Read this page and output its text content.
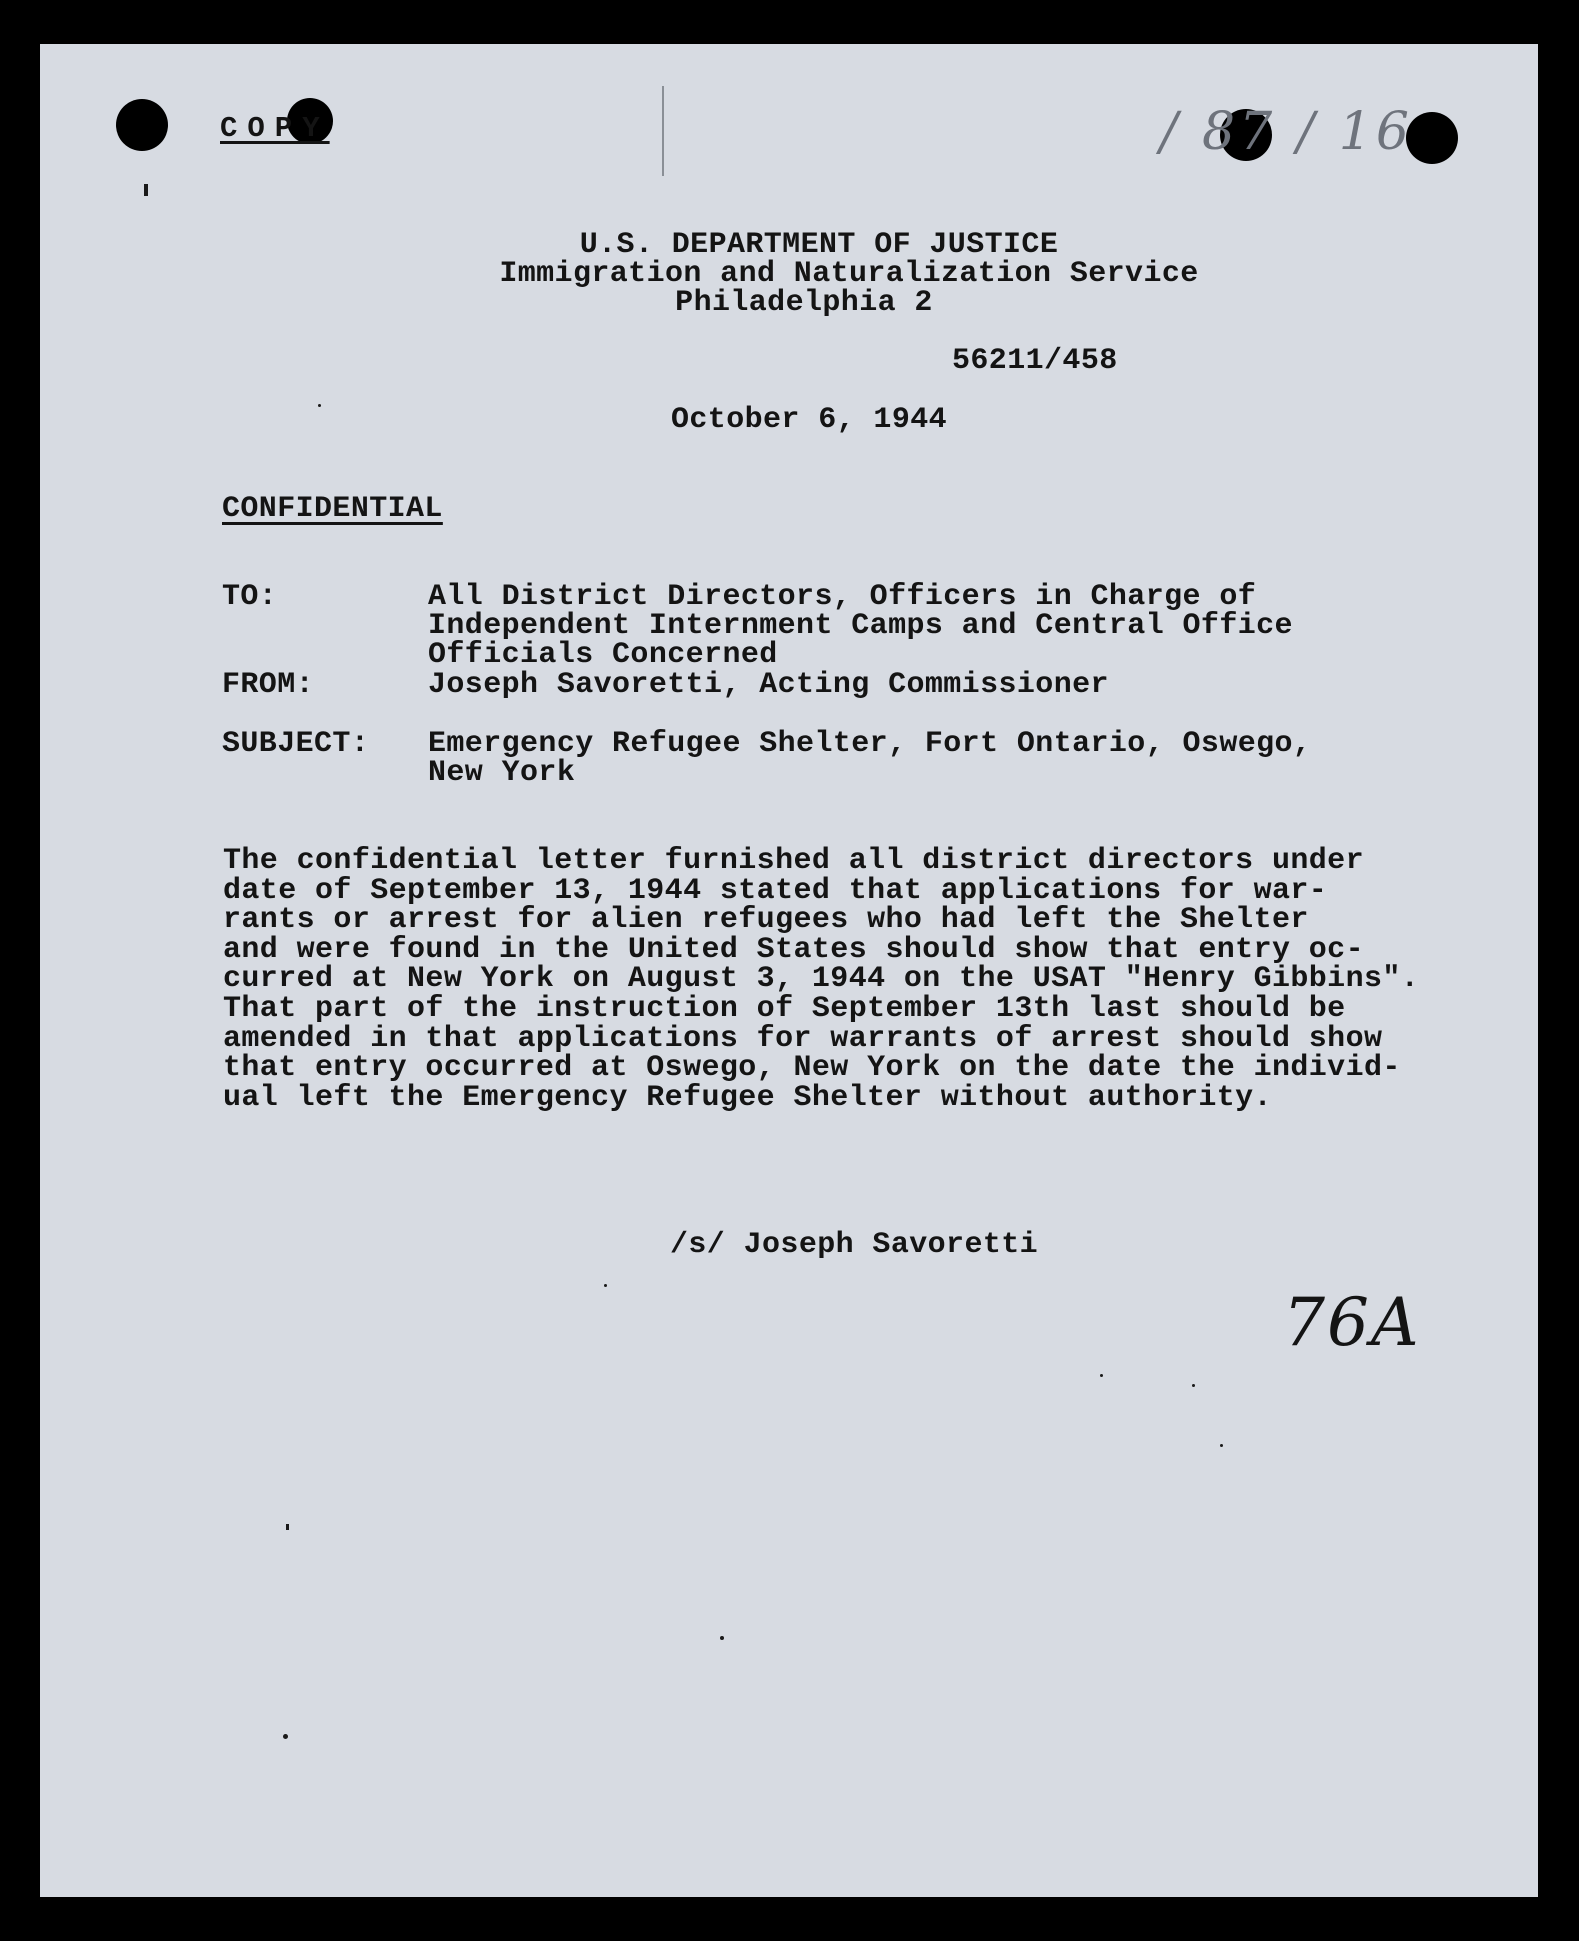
COPY	/ 87 / 16
U.S. DEPARTMENT OF JUSTICE
Immigration and Naturalization Service
Philadelphia 2
56211/458
October 6, 1944
CONFIDENTIAL
TO:	All District Directors, Officers in Charge of
Independent Internment Camps and Central Office
Officials Concerned
FROM:	Joseph Savoretti, Acting Commissioner
SUBJECT: Emergency Refugee Shelter, Fort Ontario, Oswego,
New York
The confidential letter furnished all district directors under
date of September 13, 1944 stated that applications for war-
rants or arrest for alien refugees who had left the Shelter
and were found in the United States should show that entry oc-
curred at New York on August 3, 1944 on the USAT "Henry Gibbins".
That part of the instruction of September 13th last should be
amended in that applications for warrants of arrest should show
that entry occurred at Oswego, New York on the date the individ-
ual left the Emergency Refugee Shelter without authority.
/s/ Joseph Savoretti
76A
